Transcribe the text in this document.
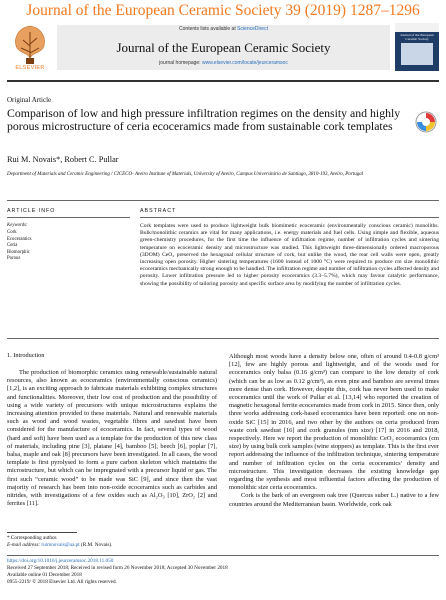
Journal of the European Ceramic Society 39 (2019) 1287–1296
ELSEVIER
Contents lists available at ScienceDirect
Journal of the European Ceramic Society
journal homepage: www.elsevier.com/locate/jeurceramsoc
Journal of the European Ceramic Society
Original Article
Comparison of low and high pressure infiltration regimes on the density and highly porous microstructure of ceria ecoceramics made from sustainable cork templates
Rui M. Novais*, Robert C. Pullar
Department of Materials and Ceramic Engineering / CICECO- Aveiro Institute of Materials, University of Aveiro, Campus Universitário de Santiago, 3810-193, Aveiro, Portugal
ARTICLE INFO	ABSTRACT
Keywords:
Cork
Ecoceramics
Ceria
Biomorphic
Porous
Cork templates were used to produce lightweight bulk biomimetic ecoceramic (environmentally conscious ceramic) monoliths. Bulk/monolithic ceramics are vital for many applications, i.e. energy materials and fuel cells. Using simple and flexible, aqueous green-chemistry procedures, for the first time the influence of infiltration regime, number of infiltration cycles and sintering temperature on ecoceramic density and microstructure was studied. This lightweight three-dimensionally ordered macroporous (3DOM) CeO₂ preserved the hexagonal cellular structure of cork, but unlike the wood, the rear cell walls were open, greatly increasing open porosity. Higher sintering temperatures (1600 instead of 1000 °C) were required to produce cm size monolithic ecoceramics mechanically strong enough to be handled. The infiltration regime and number of infiltration cycles affected density and porosity. Lower infiltration pressure led to higher porosity ecoceramics (3.3–5.7%), which may favour catalytic performance, showing the possibility of tailoring porosity and specific surface area by modifying the number of infiltration cycles.
1. Introduction

The production of biomorphic ceramics using renewable/sustainable natural resources, also known as ecoceramics (environmentally conscious ceramics) [1,2], is an exciting approach to fabricate materials exhibiting complex structures and functionalities. Moreover, their low cost of production and the possibility of using a wide variety of precursors with unique microstructures explains the increasing attention provided to these materials. Natural and renewable materials such as wood and wood wastes, vegetable fibres and sawdust have been considered for the manufacture of ecoceramics. In fact, several types of wood (hard and soft) have been used as a template for the production of this new class of materials, including pine [3], platane [4], bamboo [5], beech [6], poplar [7], balsa, maple and oak [8] precursors have been investigated. In all cases, the wood template is first pyrolysed to form a pure carbon skeleton which maintains the microstructure, but which can be impregnated with a precursor liquid or gas. The first such “ceramic wood” to be made was SiC [9], and since then the vast majority of research has been into non-oxide ecoceramics such as carbides and nitrides, with investigations of a few oxides such as Al₂O₃ [10], ZrO₂ [2] and ferrites [11].

Although most woods have a density below one, often of around 0.4-0.8 g/cm³ [12], few are highly porous and lightweight, and of the woods used for ecoceramics only balsa (0.16 g/cm³) can compare to the low density of cork (which can be as low as 0.12 g/cm³), as even pine and bamboo are several times more dense than cork. However, despite this, cork has never been used to make ecoceramics until the work of Pullar et al. [13,14] who reported the creation of magnetic hexagonal ferrite ecoceramics made from cork in 2015. Since then, only three works addressing cork-based ecoceramics have been reported: one on non-oxide SiC [15] in 2016, and two other by the authors on ceria produced from waste cork sawdust [16] and cork granules (nm size) [17] in 2016 and 2018, respectively. Here we report the production of monolithic CeO₂ ecoceramics (cm size) by using bulk cork samples (wine stoppers) as template. This is the first ever report addressing the influence of the infiltration technique, sintering temperature and number of infiltration cycles on the ceria ecoceramics’ density and microstructure. This investigation decreases the existing knowledge gap regarding the synthesis and most influential factors affecting the production of monolithic size ceria ecoceramics.

Cork is the bark of an evergreen oak tree (Quercus suber L.) native to a few countries around the Mediterranean basin. Worldwide, cork oak

* Corresponding author.
E-mail address: ruimnovais@ua.pt (R.M. Novais).
https://doi.org/10.1016/j.jeurceramsoc.2018.11.050
Received 27 September 2018; Received in revised form 26 November 2018; Accepted 30 November 2018
Available online 01 December 2018
0955-2219/ © 2018 Elsevier Ltd. All rights reserved.
